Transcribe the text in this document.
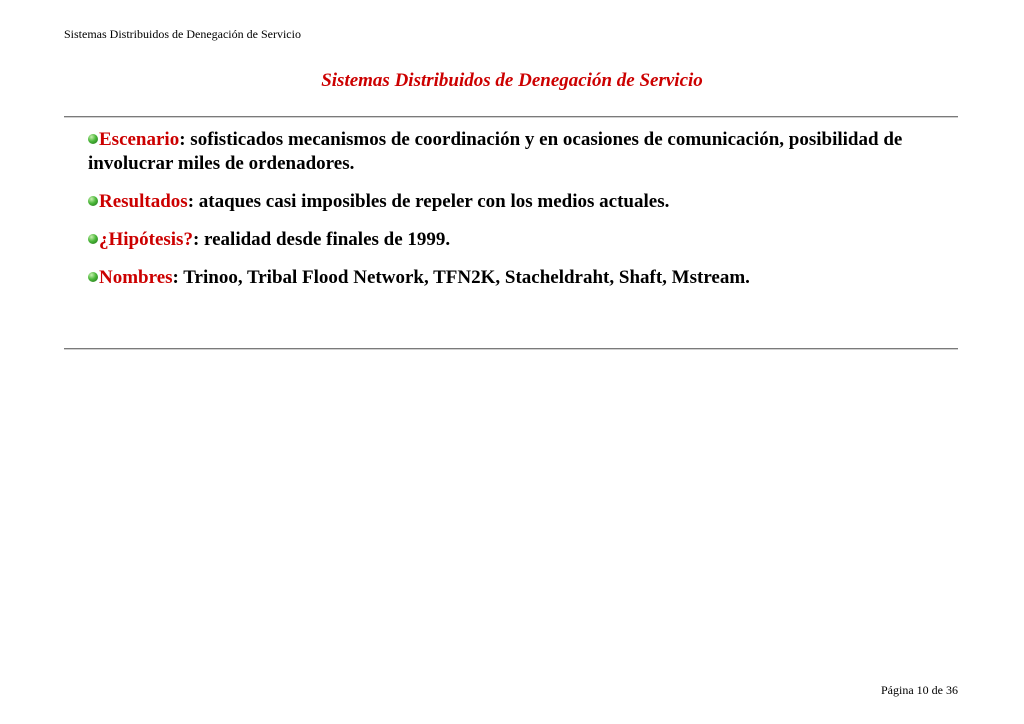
Sistemas Distribuidos de Denegación de Servicio
Sistemas Distribuidos de Denegación de Servicio
Escenario: sofisticados mecanismos de coordinación y en ocasiones de comunicación, posibilidad de involucrar miles de ordenadores.
Resultados: ataques casi imposibles de repeler con los medios actuales.
¿Hipótesis?: realidad desde finales de 1999.
Nombres: Trinoo, Tribal Flood Network, TFN2K, Stacheldraht, Shaft, Mstream.
Página 10 de 36
